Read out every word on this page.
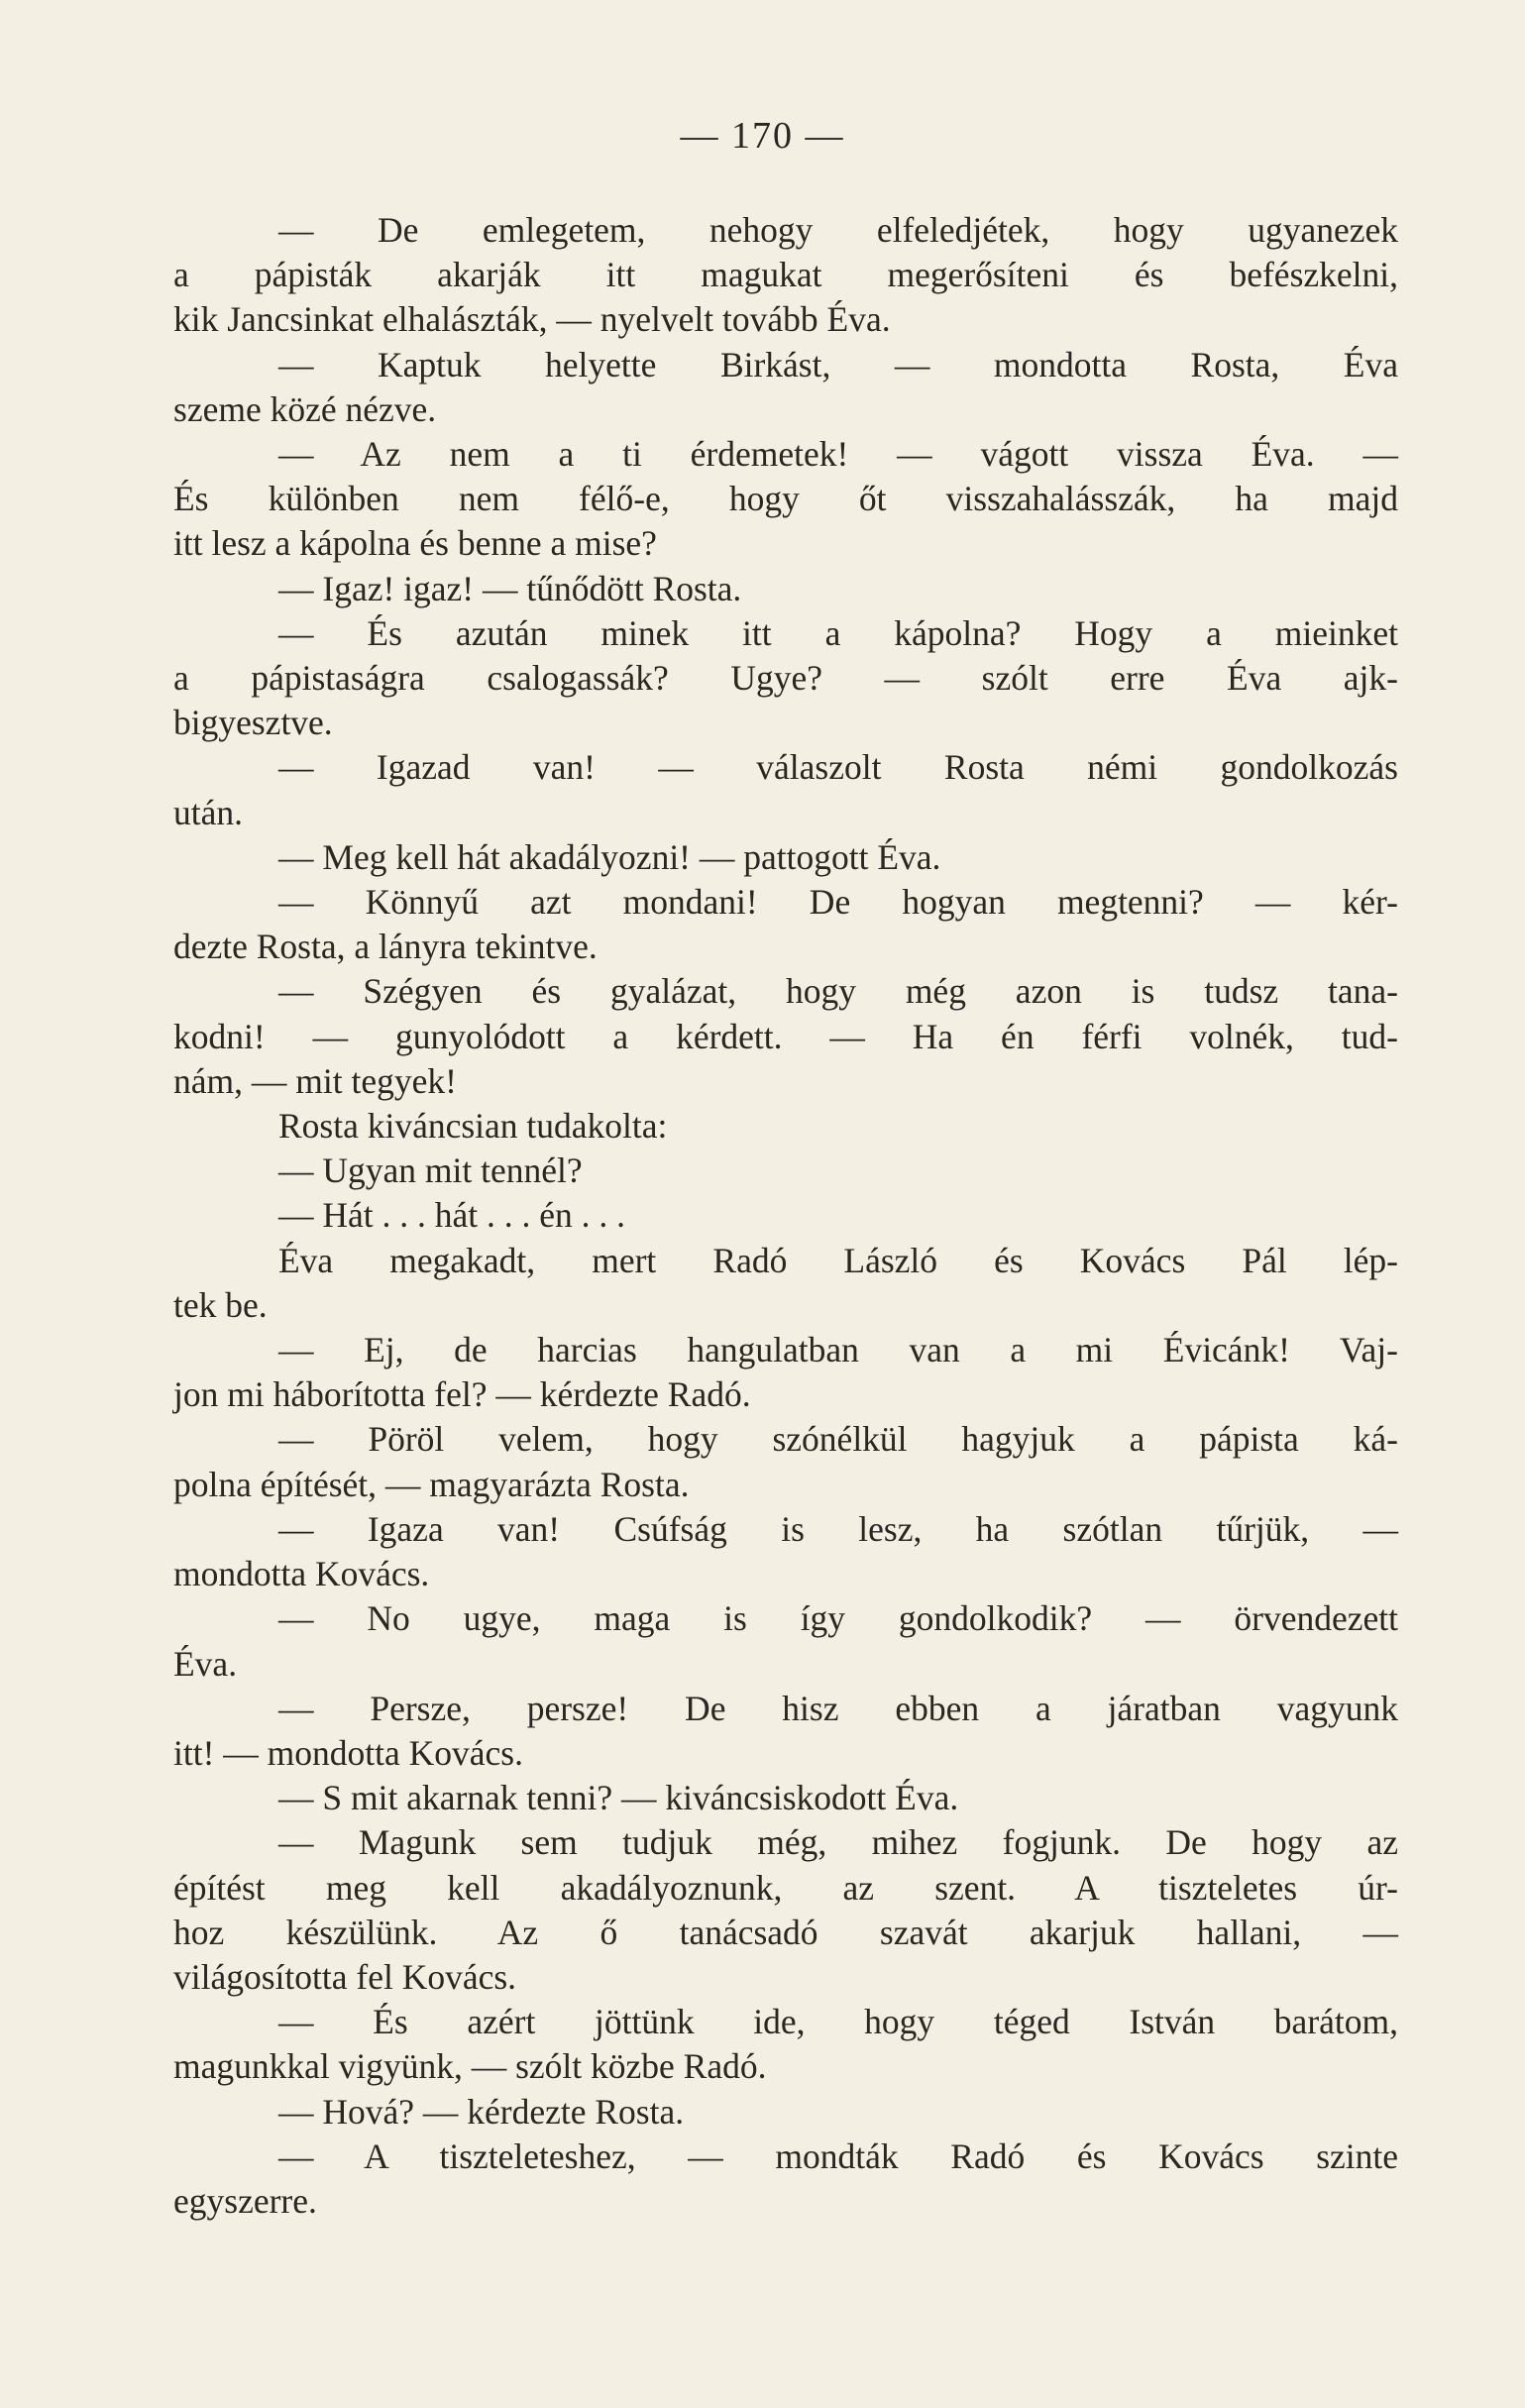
— 170 —
— De emlegetem, nehogy elfeledjétek, hogy ugyanezek
a pápisták akarják itt magukat megerősíteni és befészkelni,
kik Jancsinkat elhalászták, — nyelvelt tovább Éva.
— Kaptuk helyette Birkást, — mondotta Rosta, Éva
szeme közé nézve.
— Az nem a ti érdemetek! — vágott vissza Éva. —
És különben nem félő-e, hogy őt visszahalásszák, ha majd
itt lesz a kápolna és benne a mise?
— Igaz! igaz! — tűnődött Rosta.
— És azután minek itt a kápolna? Hogy a mieinket
a pápistaságra csalogassák? Ugye? — szólt erre Éva ajk-
bigyesztve.
— Igazad van! — válaszolt Rosta némi gondolkozás
után.
— Meg kell hát akadályozni! — pattogott Éva.
— Könnyű azt mondani! De hogyan megtenni? — kér-
dezte Rosta, a lányra tekintve.
— Szégyen és gyalázat, hogy még azon is tudsz tana-
kodni! — gunyolódott a kérdett. — Ha én férfi volnék, tud-
nám, — mit tegyek!
Rosta kiváncsian tudakolta:
— Ugyan mit tennél?
— Hát . . . hát . . . én . . .
Éva megakadt, mert Radó László és Kovács Pál lép-
tek be.
— Ej, de harcias hangulatban van a mi Évicánk! Vaj-
jon mi háborította fel? — kérdezte Radó.
— Pöröl velem, hogy szónélkül hagyjuk a pápista ká-
polna építését, — magyarázta Rosta.
— Igaza van! Csúfság is lesz, ha szótlan tűrjük, —
mondotta Kovács.
— No ugye, maga is így gondolkodik? — örvendezett
Éva.
— Persze, persze! De hisz ebben a járatban vagyunk
itt! — mondotta Kovács.
— S mit akarnak tenni? — kiváncsiskodott Éva.
— Magunk sem tudjuk még, mihez fogjunk. De hogy az
építést meg kell akadályoznunk, az szent. A tiszteletes úr-
hoz készülünk. Az ő tanácsadó szavát akarjuk hallani, —
világosította fel Kovács.
— És azért jöttünk ide, hogy téged István barátom,
magunkkal vigyünk, — szólt közbe Radó.
— Hová? — kérdezte Rosta.
— A tiszteleteshez, — mondták Radó és Kovács szinte
egyszerre.
